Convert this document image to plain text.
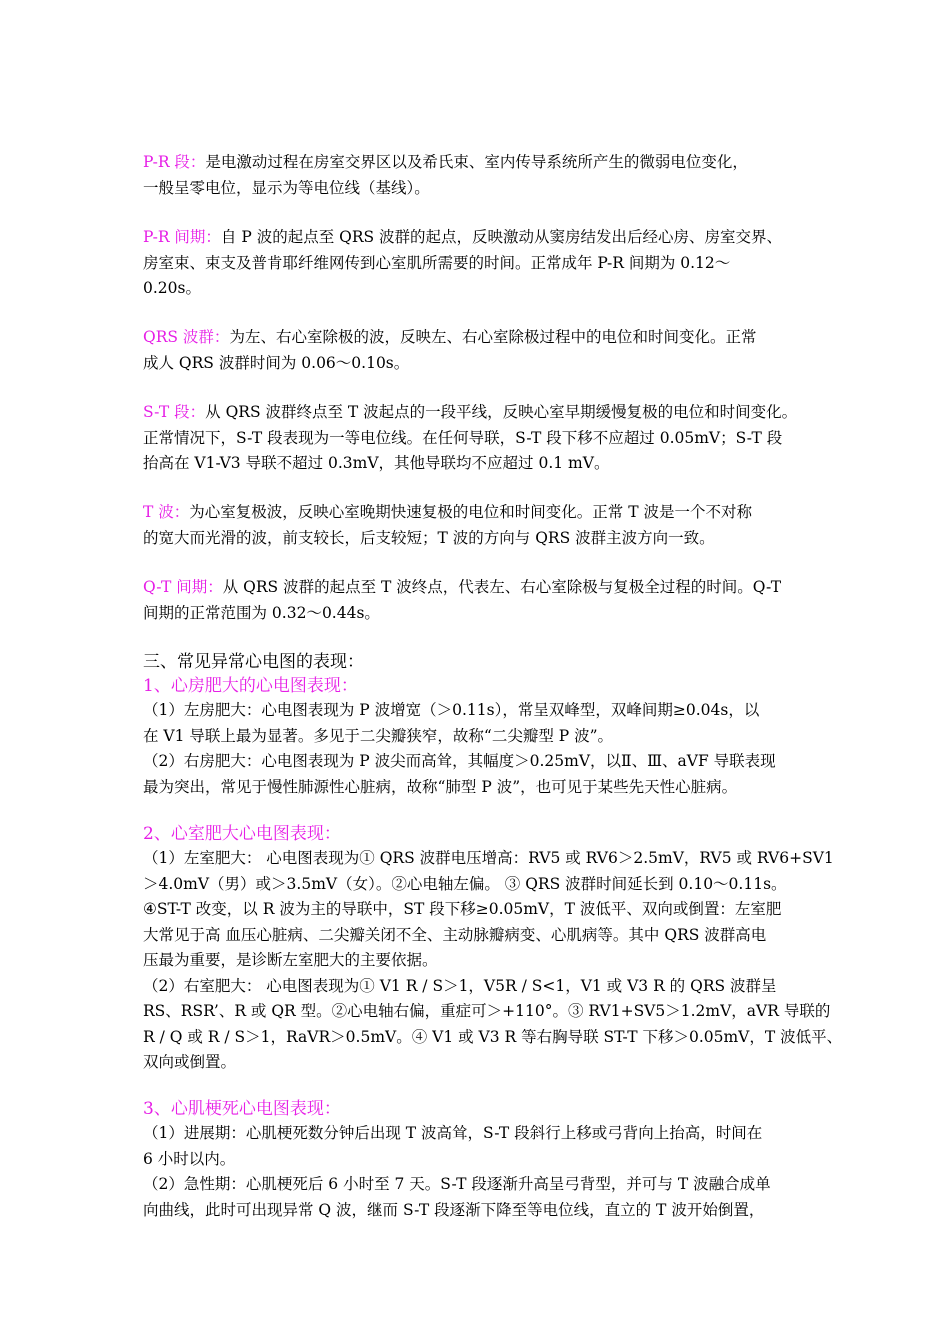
P-R 段：是电激动过程在房室交界区以及希氏束、室内传导系统所产生的微弱电位变化，
一般呈零电位，显示为等电位线（基线）。
P-R 间期：自 P 波的起点至 QRS 波群的起点，反映激动从窦房结发出后经心房、房室交界、
房室束、束支及普肯耶纤维网传到心室肌所需要的时间。正常成年 P-R 间期为 0.12～
0.20s。
QRS 波群：为左、右心室除极的波，反映左、右心室除极过程中的电位和时间变化。正常
成人 QRS 波群时间为 0.06～0.10s。
S-T 段：从 QRS 波群终点至 T 波起点的一段平线，反映心室早期缓慢复极的电位和时间变化。
正常情况下，S-T 段表现为一等电位线。在任何导联，S-T 段下移不应超过 0.05mV；S-T 段
抬高在 V1-V3 导联不超过 0.3mV，其他导联均不应超过 0.1 mV。
T 波：为心室复极波，反映心室晚期快速复极的电位和时间变化。正常 T 波是一个不对称
的宽大而光滑的波，前支较长，后支较短；T 波的方向与 QRS 波群主波方向一致。
Q-T 间期：从 QRS 波群的起点至 T 波终点，代表左、右心室除极与复极全过程的时间。Q-T
间期的正常范围为 0.32～0.44s。
三、常见异常心电图的表现：
1、心房肥大的心电图表现：
（1）左房肥大：心电图表现为 P 波增宽（＞0.11s），常呈双峰型，双峰间期≥0.04s，以
在 V1 导联上最为显著。多见于二尖瓣狭窄，故称“二尖瓣型 P 波”。
（2）右房肥大：心电图表现为 P 波尖而高耸，其幅度＞0.25mV，以Ⅱ、Ⅲ、aVF 导联表现
最为突出，常见于慢性肺源性心脏病，故称“肺型 P 波”，也可见于某些先天性心脏病。
2、心室肥大心电图表现：
（1）左室肥大： 心电图表现为① QRS 波群电压增高：RV5 或 RV6＞2.5mV，RV5 或 RV6+SV1
＞4.0mV（男）或＞3.5mV（女）。②心电轴左偏。 ③ QRS 波群时间延长到 0.10～0.11s。
④ST-T 改变，以 R 波为主的导联中，ST 段下移≥0.05mV，T 波低平、双向或倒置：左室肥
大常见于高 血压心脏病、二尖瓣关闭不全、主动脉瓣病变、心肌病等。其中 QRS 波群高电
压最为重要，是诊断左室肥大的主要依据。
（2）右室肥大： 心电图表现为① V1 R / S＞1，V5R / S<1，V1 或 V3 R 的 QRS 波群呈
RS、RSR’、R 或 QR 型。②心电轴右偏，重症可＞+110°。③ RV1+SV5＞1.2mV，aVR 导联的
R / Q 或 R / S＞1，RaVR＞0.5mV。④ V1 或 V3 R 等右胸导联 ST-T 下移＞0.05mV，T 波低平、
双向或倒置。
3、心肌梗死心电图表现：
（1）进展期：心肌梗死数分钟后出现 T 波高耸，S-T 段斜行上移或弓背向上抬高，时间在
6 小时以内。
（2）急性期：心肌梗死后 6 小时至 7 天。S-T 段逐渐升高呈弓背型，并可与 T 波融合成单
向曲线，此时可出现异常 Q 波，继而 S-T 段逐渐下降至等电位线，直立的 T 波开始倒置，
